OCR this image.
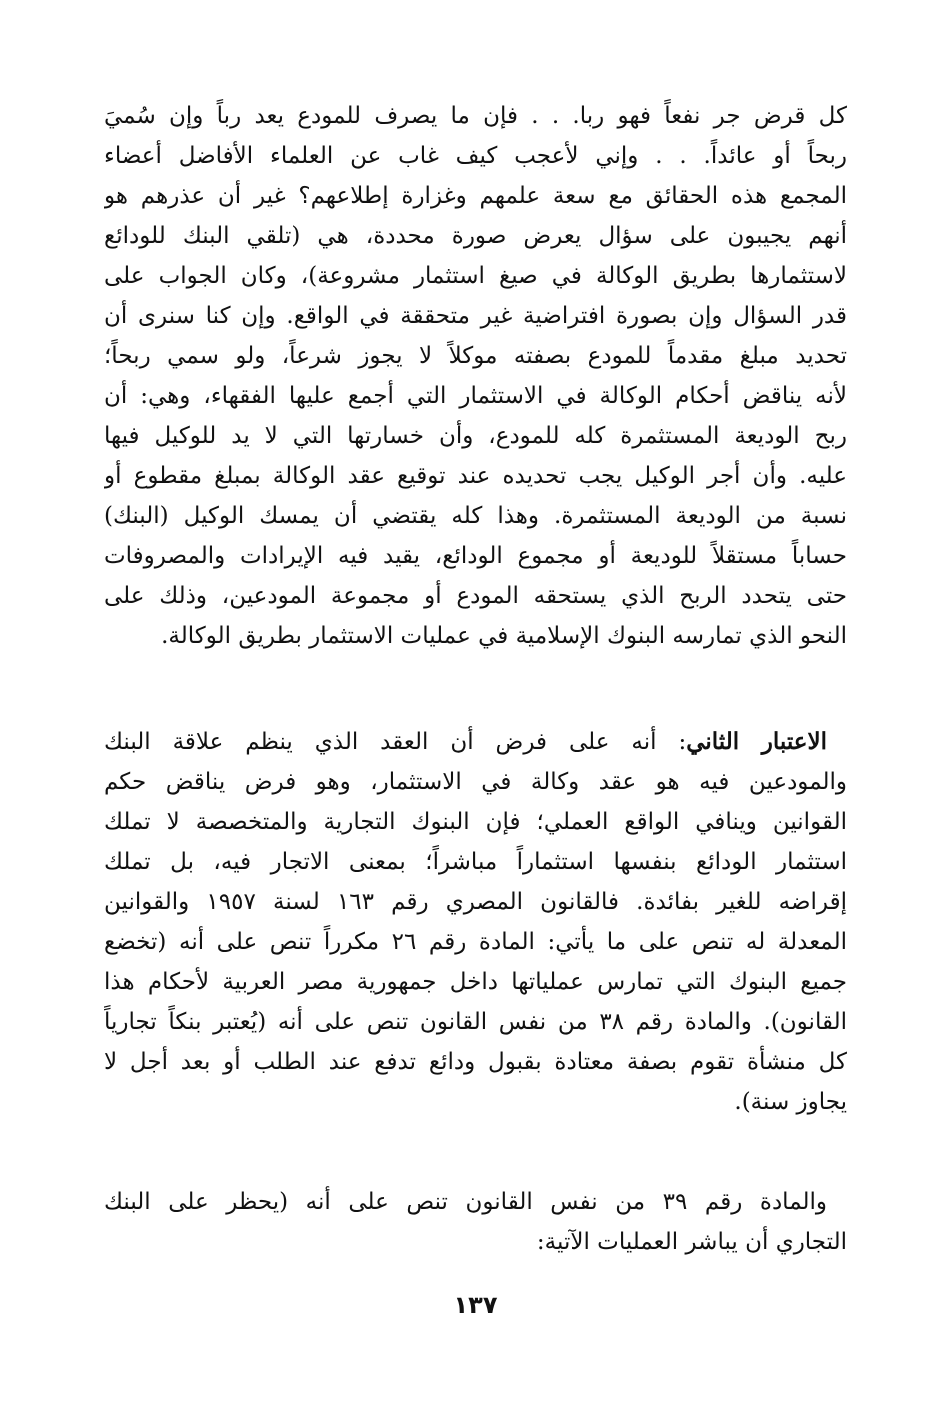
كل قرض جر نفعاً فهو ربا. . . فإن ما يصرف للمودع يعد رباً وإن سُميَ
ربحاً أو عائداً. . . وإني لأعجب كيف غاب عن العلماء الأفاضل أعضاء
المجمع هذه الحقائق مع سعة علمهم وغزارة إطلاعهم؟ غير أن عذرهم هو
أنهم يجيبون على سؤال يعرض صورة محددة، هي (تلقي البنك للودائع
لاستثمارها بطريق الوكالة في صيغ استثمار مشروعة)، وكان الجواب على
قدر السؤال وإن بصورة افتراضية غير متحققة في الواقع. وإن كنا سنرى أن
تحديد مبلغ مقدماً للمودع بصفته موكلاً لا يجوز شرعاً، ولو سمي ربحاً؛
لأنه يناقض أحكام الوكالة في الاستثمار التي أجمع عليها الفقهاء، وهي: أن
ربح الوديعة المستثمرة كله للمودع، وأن خسارتها التي لا يد للوكيل فيها
عليه. وأن أجر الوكيل يجب تحديده عند توقيع عقد الوكالة بمبلغ مقطوع أو
نسبة من الوديعة المستثمرة. وهذا كله يقتضي أن يمسك الوكيل (البنك)
حساباً مستقلاً للوديعة أو مجموع الودائع، يقيد فيه الإيرادات والمصروفات
حتى يتحدد الربح الذي يستحقه المودع أو مجموعة المودعين، وذلك على
النحو الذي تمارسه البنوك الإسلامية في عمليات الاستثمار بطريق الوكالة.
الاعتبار الثاني: أنه على فرض أن العقد الذي ينظم علاقة البنك
والمودعين فيه هو عقد وكالة في الاستثمار، وهو فرض يناقض حكم
القوانين وينافي الواقع العملي؛ فإن البنوك التجارية والمتخصصة لا تملك
استثمار الودائع بنفسها استثماراً مباشراً؛ بمعنى الاتجار فيه، بل تملك
إقراضه للغير بفائدة. فالقانون المصري رقم ١٦٣ لسنة ١٩٥٧ والقوانين
المعدلة له تنص على ما يأتي: المادة رقم ٢٦ مكرراً تنص على أنه (تخضع
جميع البنوك التي تمارس عملياتها داخل جمهورية مصر العربية لأحكام هذا
القانون). والمادة رقم ٣٨ من نفس القانون تنص على أنه (يُعتبر بنكاً تجارياً
كل منشأة تقوم بصفة معتادة بقبول ودائع تدفع عند الطلب أو بعد أجل لا
يجاوز سنة).
والمادة رقم ٣٩ من نفس القانون تنص على أنه (يحظر على البنك
التجاري أن يباشر العمليات الآتية:
١٣٧
